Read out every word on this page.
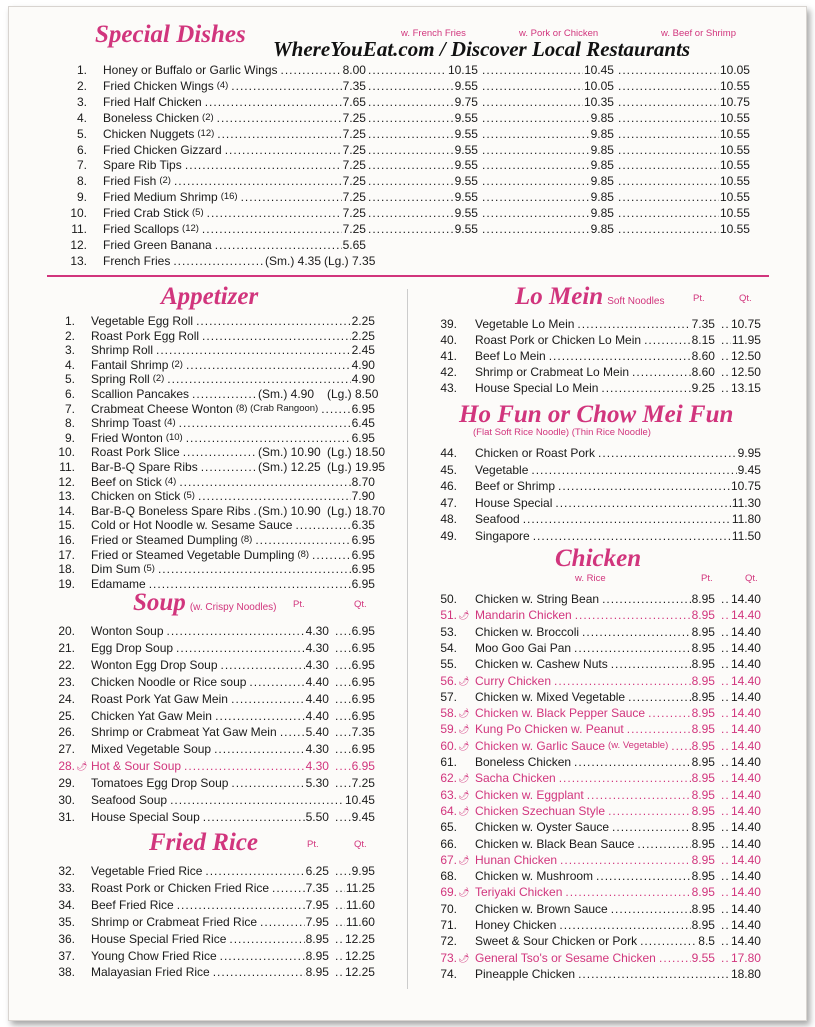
WhereYouEat.com / Discover Local Restaurants
Special Dishes	w. French Fries	w. Pork or Chicken	w. Beef or Shrimp
1. Honey or Buffalo or Garlic Wings .....	8.00 .....	10.15 .....	10.45 .....	10.05
2. Fried Chicken Wings (4) .....	7.35 .....	9.55 .....	10.05 .....	10.55
3. Fried Half Chicken .....	7.65 .....	9.75 .....	10.35 .....	10.75
4. Boneless Chicken (2) .....	7.25 .....	9.55 .....	9.85 .....	10.55
5. Chicken Nuggets (12) .....	7.25 .....	9.55 .....	9.85 .....	10.55
6. Fried Chicken Gizzard .....	7.25 .....	9.55 .....	9.85 .....	10.55
7. Spare Rib Tips .....	7.25 .....	9.55 .....	9.85 .....	10.55
8. Fried Fish (2) .....	7.25 .....	9.55 .....	9.85 .....	10.55
9. Fried Medium Shrimp (16) .....	7.25 .....	9.55 .....	9.85 .....	10.55
10. Fried Crab Stick (5) .....	7.25 .....	9.55 .....	9.85 .....	10.55
11. Fried Scallops (12) .....	7.25 .....	9.55 .....	9.85 .....	10.55
12. Fried Green Banana .....	5.65
13. French Fries .....	(Sm.) 4.35 (Lg.) 7.35
Appetizer
1. Vegetable Egg Roll .....	2.25
2. Roast Pork Egg Roll .....	2.25
3. Shrimp Roll .....	2.45
4. Fantail Shrimp (2) .....	4.90
5. Spring Roll (2) .....	4.90
6. Scallion Pancakes .....	(Sm.) 4.90 (Lg.) 8.50
7. Crabmeat Cheese Wonton (8) (Crab Rangoon) .....	6.95
8. Shrimp Toast (4) .....	6.45
9. Fried Wonton (10) .....	6.95
10. Roast Pork Slice .....	(Sm.) 10.90 (Lg.) 18.50
11. Bar-B-Q Spare Ribs .....	(Sm.) 12.25 (Lg.) 19.95
12. Beef on Stick (4) .....	8.70
13. Chicken on Stick (5) .....	7.90
14. Bar-B-Q Boneless Spare Ribs ..... (Sm.) 10.90 (Lg.) 18.70
15. Cold or Hot Noodle w. Sesame Sauce .....	6.35
16. Fried or Steamed Dumpling (8) .....	6.95
17. Fried or Steamed Vegetable Dumpling (8) .....	6.95
18. Dim Sum (5) .....	6.95
19. Edamame .....	6.95
Soup (w. Crispy Noodles) Pt.	Qt.
20. Wonton Soup .....	4.30 ..... 6.95
21. Egg Drop Soup .....	4.30 ..... 6.95
22. Wonton Egg Drop Soup .....	4.30 ..... 6.95
23. Chicken Noodle or Rice soup .....	4.40 ..... 6.95
24. Roast Pork Yat Gaw Mein .....	4.40 ..... 6.95
25. Chicken Yat Gaw Mein .....	4.40 ..... 6.95
26. Shrimp or Crabmeat Yat Gaw Mein ..... 5.40 ..... 7.35
27. Mixed Vegetable Soup .....	4.30 ..... 6.95
28. 🌶 Hot & Sour Soup .....	4.30 ..... 6.95
29. Tomatoes Egg Drop Soup .....	5.30 ..... 7.25
30. Seafood Soup .....	10.45
31. House Special Soup .....	5.50 ..... 9.45
Fried Rice	Pt.	Qt.
32. Vegetable Fried Rice .....	6.25 ..... 9.95
33. Roast Pork or Chicken Fried Rice .....	7.35 ..... 11.25
34. Beef Fried Rice .....	7.95 ..... 11.60
35. Shrimp or Crabmeat Fried Rice .....	7.95 ..... 11.60
36. House Special Fried Rice .....	8.95 ..... 12.25
37. Young Chow Fried Rice .....	8.95 ..... 12.25
38. Malayasian Fried Rice .....	8.95 ..... 12.25
Lo Mein Soft Noodles	Pt.	Qt.
39. Vegetable Lo Mein .....	7.35 ..... 10.75
40. Roast Pork or Chicken Lo Mein .....	8.15 ..... 11.95
41. Beef Lo Mein .....	8.60 ..... 12.50
42. Shrimp or Crabmeat Lo Mein .....	8.60 ..... 12.50
43. House Special Lo Mein .....	9.25 ..... 13.15
Ho Fun or Chow Mei Fun
(Flat Soft Rice Noodle) (Thin Rice Noodle)
44. Chicken or Roast Pork .....	9.95
45. Vegetable .....	9.45
46. Beef or Shrimp .....	10.75
47. House Special .....	11.30
48. Seafood .....	11.80
49. Singapore .....	11.50
Chicken
w. Rice	Pt.	Qt.
50. Chicken w. String Bean .....	8.95 ..... 14.40
51. 🌶 Mandarin Chicken .....	8.95 ..... 14.40
53. Chicken w. Broccoli .....	8.95 ..... 14.40
54. Moo Goo Gai Pan .....	8.95 ..... 14.40
55. Chicken w. Cashew Nuts .....	8.95 ..... 14.40
56. 🌶 Curry Chicken .....	8.95 ..... 14.40
57. Chicken w. Mixed Vegetable .....	8.95 ..... 14.40
58. 🌶 Chicken w. Black Pepper Sauce .....	8.95 ..... 14.40
59. 🌶 Kung Po Chicken w. Peanut .....	8.95 ..... 14.40
60. 🌶 Chicken w. Garlic Sauce (w. Vegetable) ..... 8.95 ..... 14.40
61. Boneless Chicken .....	8.95 ..... 14.40
62. 🌶 Sacha Chicken .....	8.95 ..... 14.40
63. 🌶 Chicken w. Eggplant .....	8.95 ..... 14.40
64. 🌶 Chicken Szechuan Style .....	8.95 ..... 14.40
65. Chicken w. Oyster Sauce .....	8.95 ..... 14.40
66. Chicken w. Black Bean Sauce .....	8.95 ..... 14.40
67. 🌶 Hunan Chicken .....	8.95 ..... 14.40
68. Chicken w. Mushroom .....	8.95 ..... 14.40
69. 🌶 Teriyaki Chicken .....	8.95 ..... 14.40
70. Chicken w. Brown Sauce .....	8.95 ..... 14.40
71. Honey Chicken .....	8.95 ..... 14.40
72. Sweet & Sour Chicken or Pork .....	8.5 ..... 14.40
73. 🌶 General Tso's or Sesame Chicken .....	9.55 ..... 17.80
74. Pineapple Chicken .....	18.80
